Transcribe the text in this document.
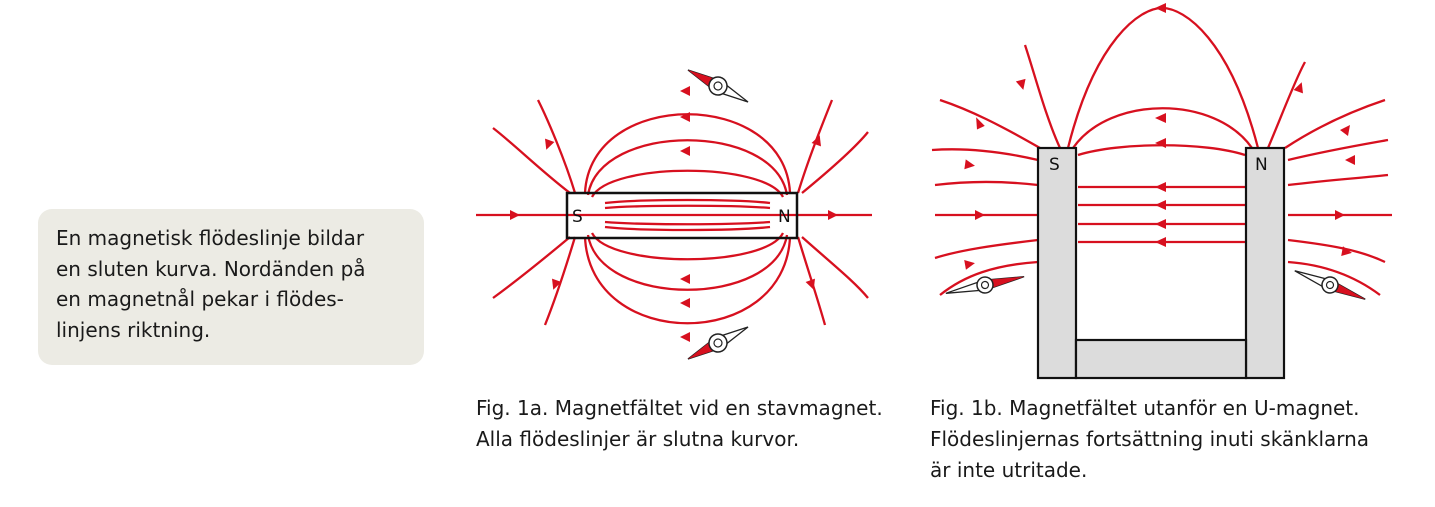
En magnetisk flödeslinje bildar
en sluten kurva. Nordänden på
en magnetnål pekar i flödes-
linjens riktning.
S	N
Fig. 1a. Magnetfältet vid en stavmagnet.
Alla flödeslinjer är slutna kurvor.
S	N
Fig. 1b. Magnetfältet utanför en U-magnet.
Flödeslinjernas fortsättning inuti skänklarna
är inte utritade.
